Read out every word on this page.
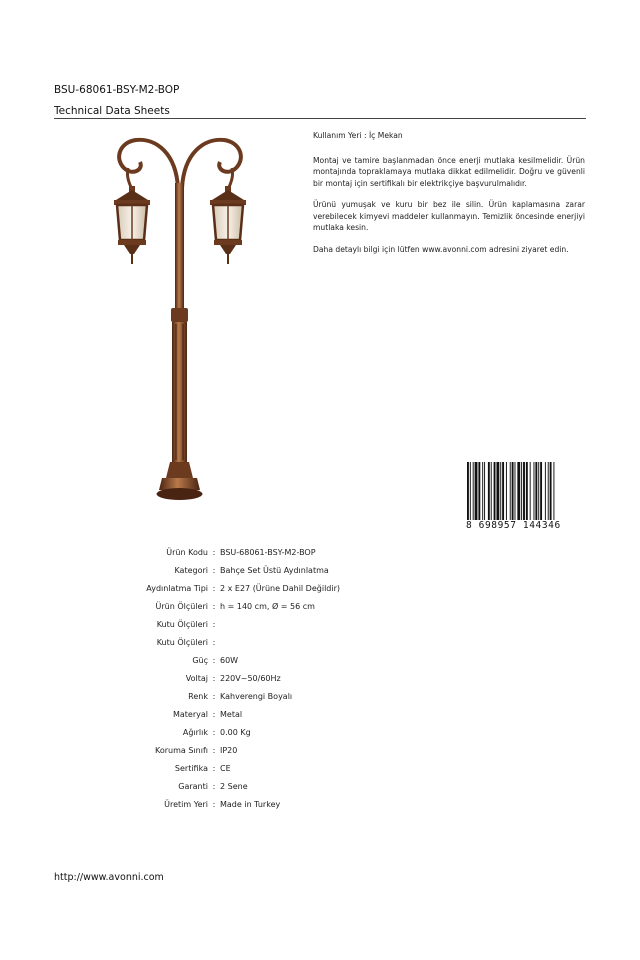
BSU-68061-BSY-M2-BOP
Technical Data Sheets

Kullanım Yeri : İç Mekan

Montaj ve tamire başlanmadan önce enerji mutlaka kesilmelidir. Ürün montajında topraklamaya mutlaka dikkat edilmelidir. Doğru ve güvenli bir montaj için sertifikalı bir elektrikçiye başvurulmalıdır.

Ürünü yumuşak ve kuru bir bez ile silin. Ürün kaplamasına zarar verebilecek kimyevi maddeler kullanmayın. Temizlik öncesinde enerjiyi mutlaka kesin.

Daha detaylı bilgi için lütfen www.avonni.com adresini ziyaret edin.

8 698957 144346
Ürün Kodu : BSU-68061-BSY-M2-BOP
Kategori : Bahçe Set Üstü Aydınlatma
Aydınlatma Tipi : 2 x E27 (Ürüne Dahil Değildir)
Ürün Ölçüleri : h = 140 cm, Ø = 56 cm
Kutu Ölçüleri :
Kutu Ölçüleri :
Güç : 60W
Voltaj : 220V~50/60Hz
Renk : Kahverengi Boyalı
Materyal : Metal
Ağırlık : 0.00 Kg
Koruma Sınıfı : IP20
Sertifika : CE
Garanti : 2 Sene
Üretim Yeri : Made in Turkey
http://www.avonni.com
